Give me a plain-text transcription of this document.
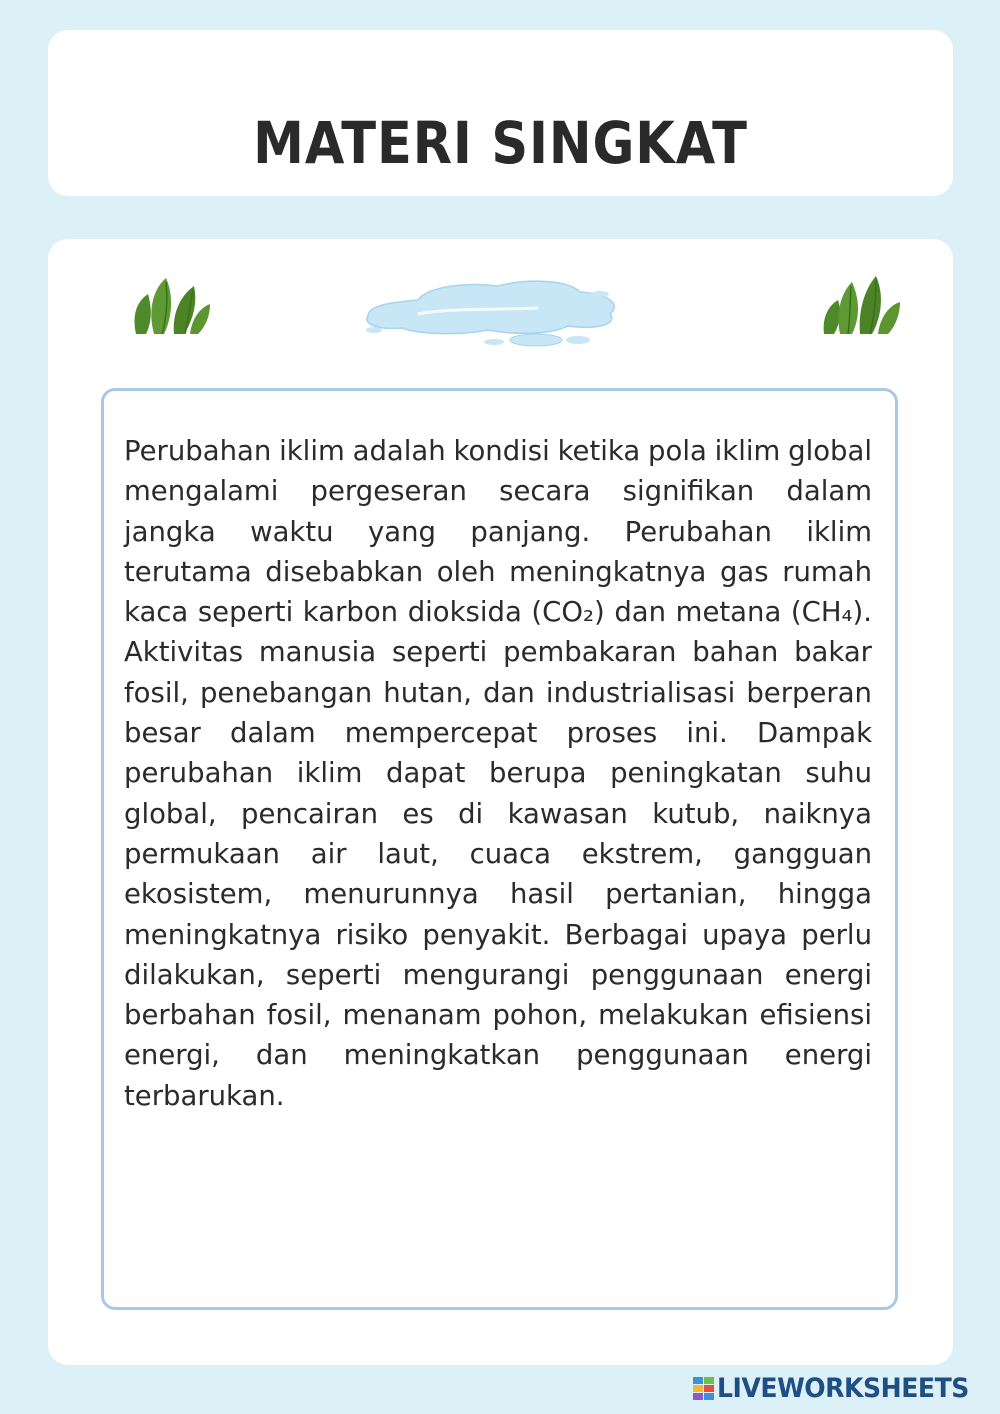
MATERI SINGKAT

Perubahan iklim adalah kondisi ketika pola iklim global mengalami pergeseran secara signifikan dalam jangka waktu yang panjang. Perubahan iklim terutama disebabkan oleh meningkatnya gas rumah kaca seperti karbon dioksida (CO₂) dan metana (CH₄). Aktivitas manusia seperti pembakaran bahan bakar fosil, penebangan hutan, dan industrialisasi berperan besar dalam mempercepat proses ini. Dampak perubahan iklim dapat berupa peningkatan suhu global, pencairan es di kawasan kutub, naiknya permukaan air laut, cuaca ekstrem, gangguan ekosistem, menurunnya hasil pertanian, hingga meningkatnya risiko penyakit. Berbagai upaya perlu dilakukan, seperti mengurangi penggunaan energi berbahan fosil, menanam pohon, melakukan efisiensi energi, dan meningkatkan penggunaan energi terbarukan.

LIVEWORKSHEETS
